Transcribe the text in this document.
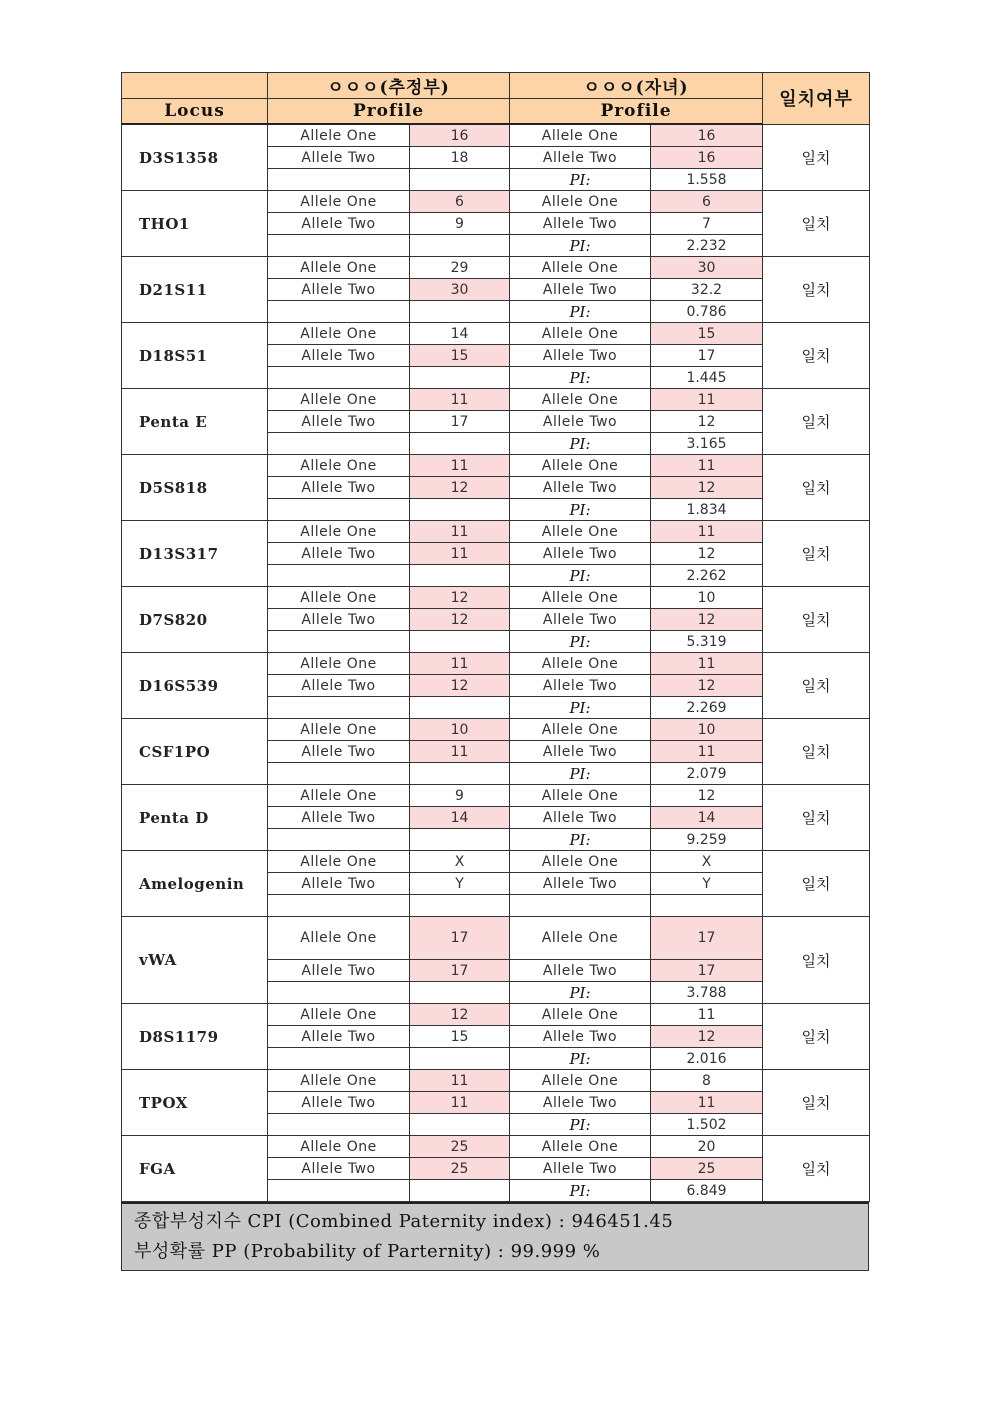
	ㅇㅇㅇ(추정부)		ㅇㅇㅇ(자녀)		일치여부
Locus	Profile		Profile		
D3S1358	Allele One	16	Allele One	16	일치
	Allele Two	18	Allele Two	16	
			PI:	1.558	
THO1	Allele One	6	Allele One	6	일치
	Allele Two	9	Allele Two	7	
			PI:	2.232	
D21S11	Allele One	29	Allele One	30	일치
	Allele Two	30	Allele Two	32.2	
			PI:	0.786	
D18S51	Allele One	14	Allele One	15	일치
	Allele Two	15	Allele Two	17	
			PI:	1.445	
Penta E	Allele One	11	Allele One	11	일치
	Allele Two	17	Allele Two	12	
			PI:	3.165	
D5S818	Allele One	11	Allele One	11	일치
	Allele Two	12	Allele Two	12	
			PI:	1.834	
D13S317	Allele One	11	Allele One	11	일치
	Allele Two	11	Allele Two	12	
			PI:	2.262	
D7S820	Allele One	12	Allele One	10	일치
	Allele Two	12	Allele Two	12	
			PI:	5.319	
D16S539	Allele One	11	Allele One	11	일치
	Allele Two	12	Allele Two	12	
			PI:	2.269	
CSF1PO	Allele One	10	Allele One	10	일치
	Allele Two	11	Allele Two	11	
			PI:	2.079	
Penta D	Allele One	9	Allele One	12	일치
	Allele Two	14	Allele Two	14	
			PI:	9.259	
Amelogenin	Allele One	X	Allele One	X	일치
	Allele Two	Y	Allele Two	Y	

vWA	Allele One	17	Allele One	17	일치
	Allele Two	17	Allele Two	17	
			PI:	3.788	
D8S1179	Allele One	12	Allele One	11	일치
	Allele Two	15	Allele Two	12	
			PI:	2.016	
TPOX	Allele One	11	Allele One	8	일치
	Allele Two	11	Allele Two	11	
			PI:	1.502	
FGA	Allele One	25	Allele One	20	일치
	Allele Two	25	Allele Two	25	
			PI:	6.849	
종합부성지수 CPI (Combined Paternity index) : 946451.45
부성확률 PP (Probability of Parternity) : 99.999 %
